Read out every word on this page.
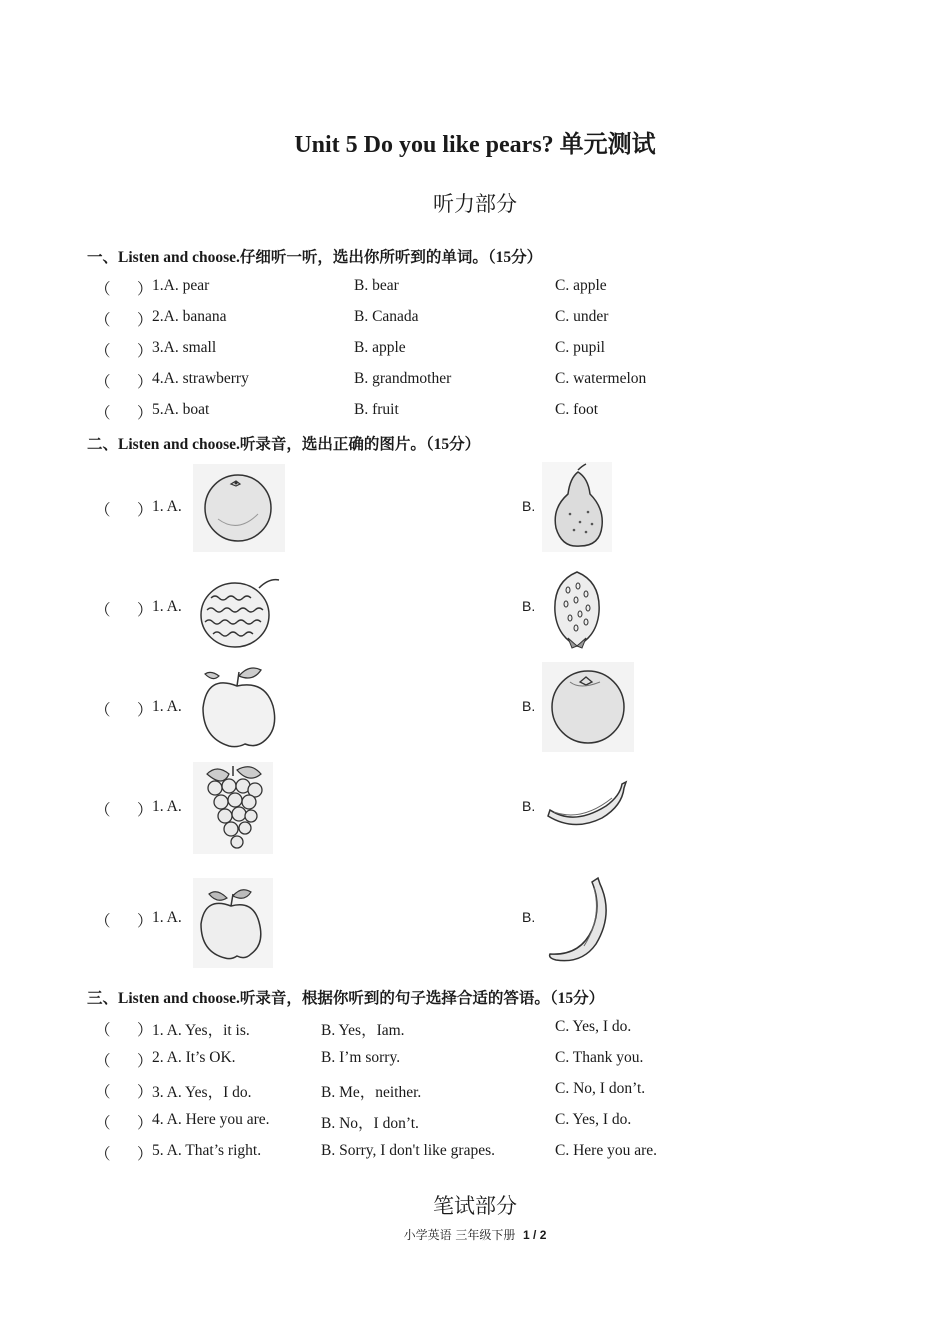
Unit 5 Do you like pears? 单元测试
听力部分
一、Listen and choose.仔细听一听，选出你所听到的单词。（15分）
（ ） 1.A. pear	B. bear	C. apple
（ ） 2.A. banana	B. Canada	C. under
（ ） 3.A. small	B. apple	C. pupil
（ ） 4.A. strawberry	B. grandmother	C. watermelon
（ ） 5.A. boat	B. fruit	C. foot
二、Listen and choose.听录音，选出正确的图片。（15分）
（ ） 1. A.	B.
（ ） 1. A.	B.
（ ） 1. A.	B.
（ ） 1. A.	B.
（ ） 1. A.	B.
三、Listen and choose.听录音，根据你听到的句子选择合适的答语。（15分）
（ ） 1. A. Yes，it is.	B. Yes，Iam.	C. Yes, I do.
（ ） 2. A. It’s OK.	B. I’m sorry.	C. Thank you.
（ ） 3. A. Yes，I do.	B. Me，neither.	C. No, I don’t.
（ ） 4. A. Here you are.	B. No，I don’t.	C. Yes, I do.
（ ） 5. A. That’s right.	B. Sorry, I don't like grapes.	C. Here you are.
笔试部分
小学英语 三年级下册 1 / 2
